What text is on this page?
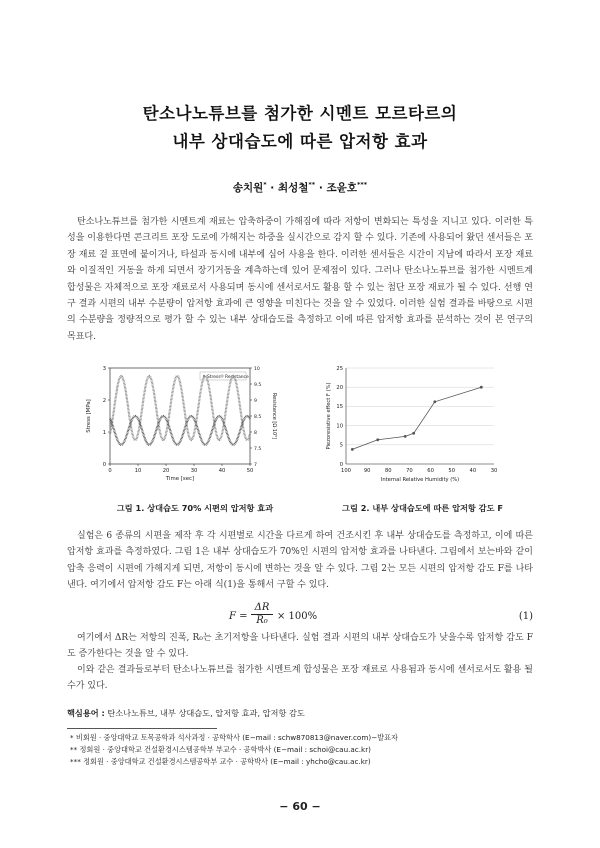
탄소나노튜브를 첨가한 시멘트 모르타르의
내부 상대습도에 따른 압저항 효과
송치원* · 최성철** · 조윤호***

탄소나노튜브를 첨가한 시멘트계 재료는 압축하중이 가해짐에 따라 저항이 변화되는 특성을 지니고 있다. 이러한 특성을 이용한다면 콘크리트 포장 도로에 가해지는 하중을 실시간으로 감지 할 수 있다. 기존에 사용되어 왔던 센서들은 포장 재료 겉 표면에 붙이거나, 타설과 동시에 내부에 심어 사용을 한다. 이러한 센서들은 시간이 지남에 따라서 포장 재료와 이질적인 거동을 하게 되면서 장기거동을 계측하는데 있어 문제점이 있다. 그러나 탄소나노튜브를 첨가한 시멘트계 합성물은 자체적으로 포장 재료로서 사용되며 동시에 센서로서도 활용 할 수 있는 첨단 포장 재료가 될 수 있다. 선행 연구 결과 시편의 내부 수분량이 압저항 효과에 큰 영향을 미친다는 것을 알 수 있었다. 이러한 실험 결과를 바탕으로 시편의 수분량을 정량적으로 평가 할 수 있는 내부 상대습도를 측정하고 이에 따른 압저항 효과를 분석하는 것이 본 연구의 목표다.

0	10	20	30	40	50
0
1
2
3
7
7.5
8
8.5
9
9.5
10
Time [sec]
Stress [MPa]	Resistance [Ω·10⁵]
Stress Resistance
그림 1. 상대습도 70% 시편의 압저항 효과
0
5
10
15
20
25
100 90	80	70	60	50	40	30
Internal Relative Humidity (%)
Piezoresistive effect F (%)
그림 2. 내부 상대습도에 따른 압저항 감도 F

실험은 6 종류의 시편을 제작 후 각 시편별로 시간을 다르게 하여 건조시킨 후 내부 상대습도를 측정하고, 이에 따른 압저항 효과를 측정하였다. 그림 1은 내부 상대습도가 70%인 시편의 압저항 효과를 나타낸다. 그림에서 보는바와 같이 압축 응력이 시편에 가해지게 되면, 저항이 동시에 변하는 것을 알 수 있다. 그림 2는 모든 시편의 압저항 감도 F를 나타낸다. 여기에서 압저항 감도 F는 아래 식(1)을 통해서 구할 수 있다.

$F = \frac{\Delta R}{\text{R₀}} \times 100\%$	(1)

여기에서 ΔR는 저항의 진폭, R₀는 초기저항을 나타낸다. 실험 결과 시편의 내부 상대습도가 낮을수록 압저항 감도 F도 증가한다는 것을 알 수 있다.

이와 같은 결과들로부터 탄소나노튜브를 첨가한 시멘트계 합성물은 포장 재료로 사용됨과 동시에 센서로서도 활용 될 수가 있다.

핵심용어 : 탄소나노튜브, 내부 상대습도, 압저항 효과, 압저항 감도
* 비회원 · 중앙대학교 토목공학과 석사과정 · 공학학사 (E−mail : schw870813@naver.com)−발표자
** 정회원 · 중앙대학교 건설환경시스템공학부 부교수 · 공학박사 (E−mail : schoi@cau.ac.kr)
*** 정회원 · 중앙대학교 건설환경시스템공학부 교수 · 공학박사 (E−mail : yhcho@cau.ac.kr)
− 60 −
